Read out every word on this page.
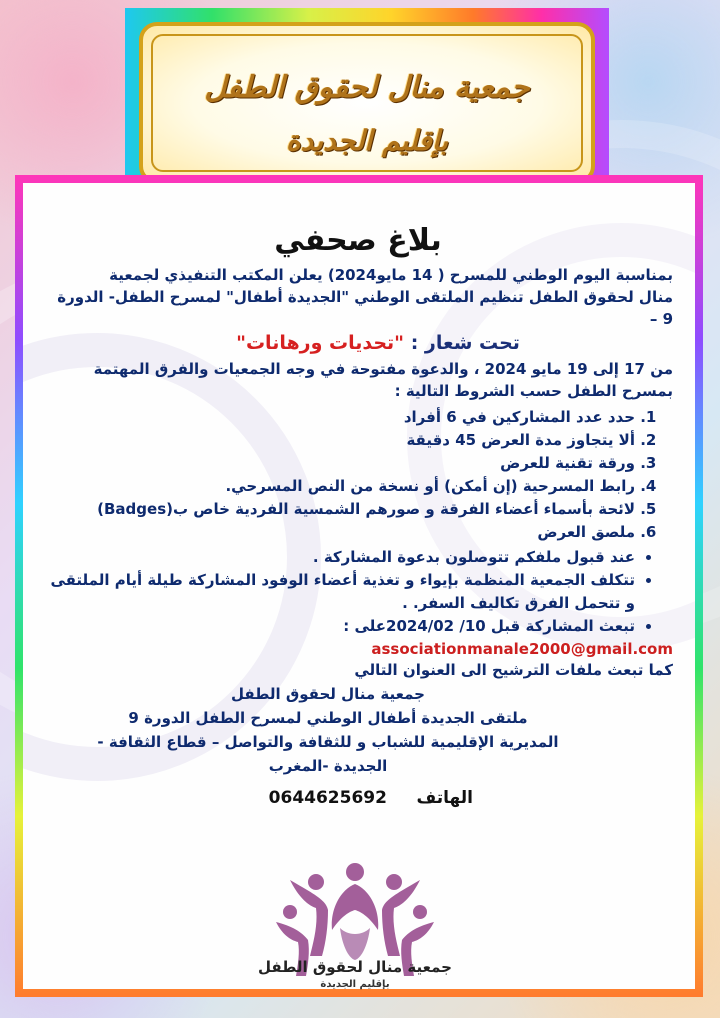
جمعية منال لحقوق الطفل
بإقليم الجديدة
بلاغ صحفي

بمناسبة اليوم الوطني للمسرح ( 14 مايو2024) يعلن المكتب التنفيذي لجمعية

منال لحقوق الطفل تنظيم الملتقى الوطني "الجديدة أطفال" لمسرح الطفل- الدورة 9 –

تحت شعار : "تحديات ورهانات"

من 17 إلى 19 مايو 2024 ، والدعوة مفتوحة في وجه الجمعيات والفرق المهتمة

بمسرح الطفل حسب الشروط التالية :

1. حدد عدد المشاركين في 6 أفراد
2. ألا يتجاوز مدة العرض 45 دقيقة
3. ورقة تقنية للعرض
4. رابط المسرحية (إن أمكن) أو نسخة من النص المسرحي.
5. لائحة بأسماء أعضاء الفرقة و صورهم الشمسية الفردية خاص ب(Badges)
6. ملصق العرض
• عند قبول ملفكم تتوصلون بدعوة المشاركة .
• تتكلف الجمعية المنظمة بإيواء و تغذية أعضاء الوفود المشاركة طيلة أيام الملتقى و تتحمل الفرق تكاليف السفر. .
• تبعث المشاركة قبل 10/ 2024/02على :
associationmanale2000@gmail.com

كما تبعث ملفات الترشيح الى العنوان التالي

جمعية منال لحقوق الطفل

ملتقى الجديدة أطفال الوطني لمسرح الطفل الدورة 9

المديرية الإقليمية للشباب و للثقافة والتواصل – قطاع الثقافة -

الجديدة -المغرب

الهاتف     0644625692
جمعية منال لحقوق الطفل
بإقليم الجديدة
